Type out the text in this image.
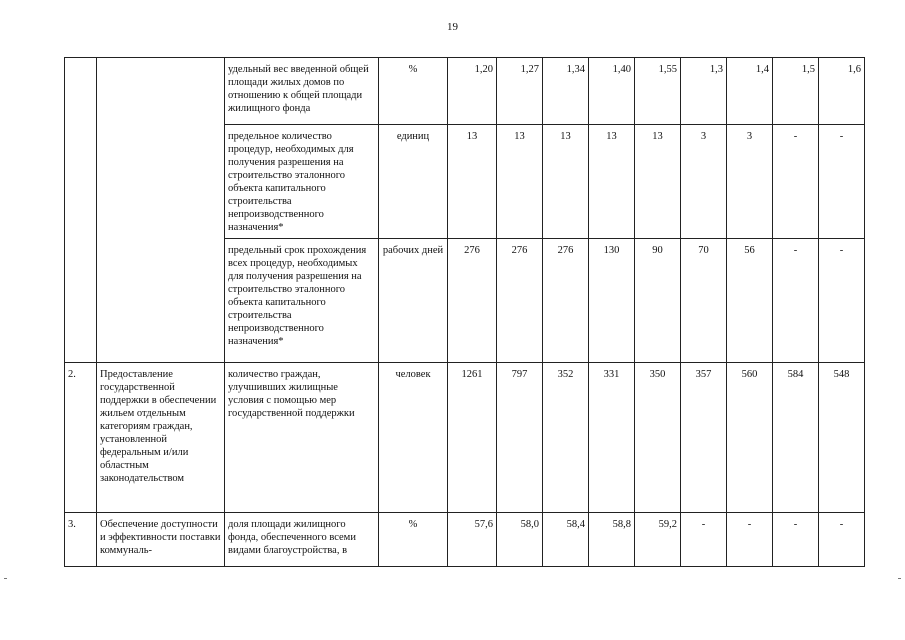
19
		удельный вес введенной общей площади жилых домов по отношению к общей площади жилищного фонда	%	1,20	1,27	1,34	1,40	1,55	1,3	1,4	1,5	1,6
		предельное количество процедур, необходимых для получения разрешения на строительство эталонного объекта капитального строительства непроизводственного назначения*	единиц	13	13	13	13	13	3	3	-	-
		предельный срок прохождения всех процедур, необходимых для получения разрешения на строительство эталонного объекта капитального строительства непроизводственного назначения*	рабочих дней	276	276	276	130	90	70	56	-	-
2.	Предоставление государственной поддержки в обеспечении жильем отдельным категориям граждан, установленной федеральным и/или областным законодательством	количество граждан, улучшивших жилищные условия с помощью мер государственной поддержки	человек	1261	797	352	331	350	357	560	584	548
3.	Обеспечение доступности и эффективности поставки коммуналь-	доля площади жилищного фонда, обеспеченного всеми видами благоустройства, в	%	57,6	58,0	58,4	58,8	59,2	-	-	-	-
